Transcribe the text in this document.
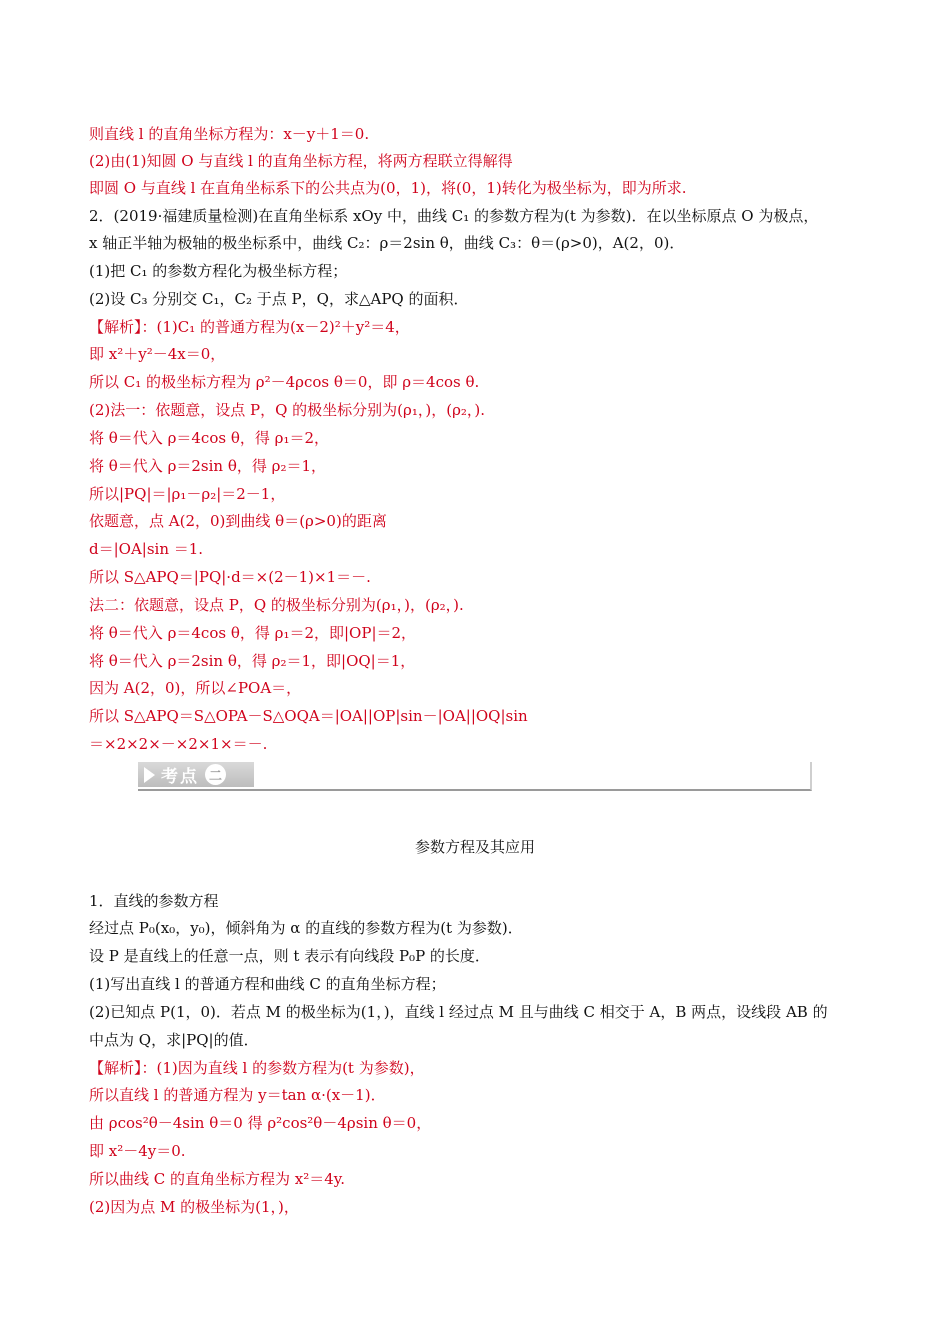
则直线 l 的直角坐标方程为：x－y＋1＝0.
(2)由(1)知圆 O 与直线 l 的直角坐标方程，将两方程联立得解得
即圆 O 与直线 l 在直角坐标系下的公共点为(0，1)，将(0，1)转化为极坐标为，即为所求.
2．(2019·福建质量检测)在直角坐标系 xOy 中，曲线 C₁ 的参数方程为(t 为参数)．在以坐标原点 O 为极点，
x 轴正半轴为极轴的极坐标系中，曲线 C₂：ρ＝2sin θ，曲线 C₃：θ＝(ρ>0)，A(2，0)．
(1)把 C₁ 的参数方程化为极坐标方程；
(2)设 C₃ 分别交 C₁，C₂ 于点 P，Q，求△APQ 的面积．
【解析】：(1)C₁ 的普通方程为(x－2)²＋y²＝4，
即 x²＋y²－4x＝0，
所以 C₁ 的极坐标方程为 ρ²－4ρcos θ＝0，即 ρ＝4cos θ.
(2)法一：依题意，设点 P，Q 的极坐标分别为(ρ₁，)，(ρ₂，).
将 θ＝代入 ρ＝4cos θ，得 ρ₁＝2，
将 θ＝代入 ρ＝2sin θ，得 ρ₂＝1，
所以|PQ|＝|ρ₁－ρ₂|＝2－1，
依题意，点 A(2，0)到曲线 θ＝(ρ>0)的距离
d＝|OA|sin ＝1.
所以 S△APQ＝|PQ|·d＝×(2－1)×1＝－.
法二：依题意，设点 P，Q 的极坐标分别为(ρ₁，)，(ρ₂，).
将 θ＝代入 ρ＝4cos θ，得 ρ₁＝2，即|OP|＝2，
将 θ＝代入 ρ＝2sin θ，得 ρ₂＝1，即|OQ|＝1，
因为 A(2，0)，所以∠POA＝，
所以 S△APQ＝S△OPA－S△OQA＝|OA||OP|sin－|OA||OQ|sin
＝×2×2×－×2×1×＝－.
1．直线的参数方程
经过点 P₀(x₀，y₀)，倾斜角为 α 的直线的参数方程为(t 为参数)．
设 P 是直线上的任意一点，则 t 表示有向线段 P₀P 的长度．
(1)写出直线 l 的普通方程和曲线 C 的直角坐标方程；
(2)已知点 P(1，0)．若点 M 的极坐标为(1，)，直线 l 经过点 M 且与曲线 C 相交于 A，B 两点，设线段 AB 的
中点为 Q，求|PQ|的值．
【解析】：(1)因为直线 l 的参数方程为(t 为参数)，
所以直线 l 的普通方程为 y＝tan α·(x－1)．
由 ρcos²θ－4sin θ＝0 得 ρ²cos²θ－4ρsin θ＝0，
即 x²－4y＝0.
所以曲线 C 的直角坐标方程为 x²＝4y.
(2)因为点 M 的极坐标为(1，)，
考点 二
参数方程及其应用
